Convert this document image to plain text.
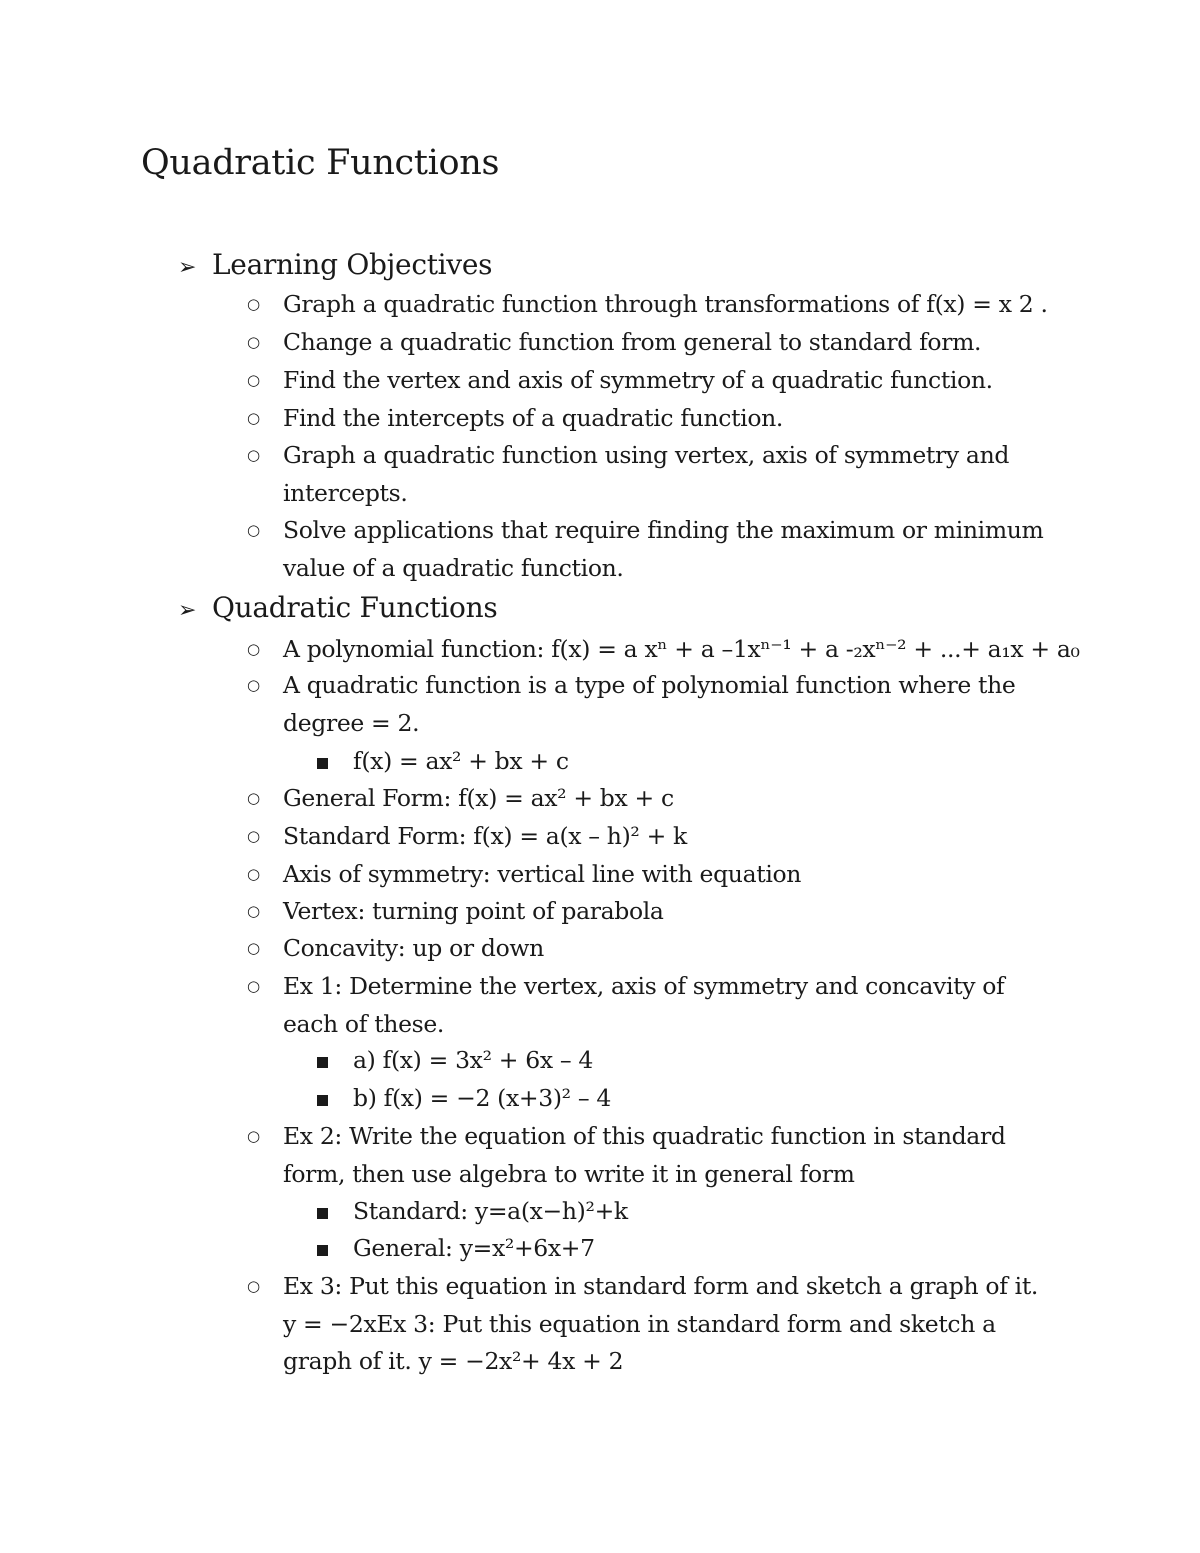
Quadratic Functions
➢ Learning Objectives
○ Graph a quadratic function through transformations of f(x) = x 2 .
○ Change a quadratic function from general to standard form.
○ Find the vertex and axis of symmetry of a quadratic function.
○ Find the intercepts of a quadratic function.
○ Graph a quadratic function using vertex, axis of symmetry and intercepts.
○ Solve applications that require finding the maximum or minimum value of a quadratic function.
➢ Quadratic Functions
○ A polynomial function: f(x) = a xⁿ + a –1xⁿ⁻¹ + a -₂xⁿ⁻² + ...+ a₁x + a₀
○ A quadratic function is a type of polynomial function where the degree = 2.
f(x) = ax² + bx + c
○ General Form: f(x) = ax² + bx + c
○ Standard Form: f(x) = a(x – h)² + k
○ Axis of symmetry: vertical line with equation
○ Vertex: turning point of parabola
○ Concavity: up or down
○ Ex 1: Determine the vertex, axis of symmetry and concavity of each of these.
a) f(x) = 3x² + 6x – 4
b) f(x) = −2 (x+3)² – 4
○ Ex 2: Write the equation of this quadratic function in standard form, then use algebra to write it in general form
Standard: y=a(x−h)²+k
General: y=x²+6x+7
○ Ex 3: Put this equation in standard form and sketch a graph of it. y = −2xEx 3: Put this equation in standard form and sketch a graph of it. y = −2x²+ 4x + 2
